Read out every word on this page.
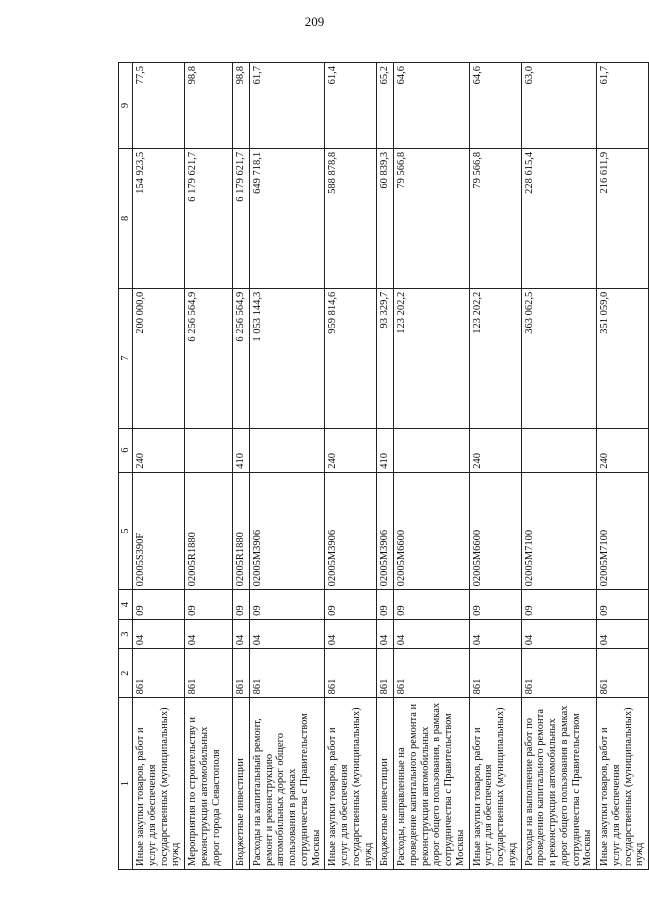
209
1	2	3	4	5	6	7	8	9
Иные закупки товаров, работ и услуг для обеспечения государственных (муниципальных) нужд	861	04	09	02005S390F	240	200 000,0	154 923,5	77,5
Мероприятия по строительству и реконструкции автомобильных дорог города Севастополя	861	04	09	02005R1880		6 256 564,9	6 179 621,7	98,8
Бюджетные инвестиции	861	04	09	02005R1880	410	6 256 564,9	6 179 621,7	98,8
Расходы на капитальный ремонт, ремонт и реконструкцию автомобильных дорог общего пользования в рамках сотрудничества с Правительством Москвы	861	04	09	02005M3906		1 053 144,3	649 718,1	61,7
Иные закупки товаров, работ и услуг для обеспечения государственных (муниципальных) нужд	861	04	09	02005M3906	240	959 814,6	588 878,8	61,4
Бюджетные инвестиции	861	04	09	02005M3906	410	93 329,7	60 839,3	65,2
Расходы, направленные на проведение капитального ремонта и реконструкции автомобильных дорог общего пользования, в рамках сотрудничества с Правительством Москвы	861	04	09	02005M6600		123 202,2	79 566,8	64,6
Иные закупки товаров, работ и услуг для обеспечения государственных (муниципальных) нужд	861	04	09	02005M6600	240	123 202,2	79 566,8	64,6
Расходы на выполнение работ по проведению капитального ремонта и реконструкции автомобильных дорог общего пользования в рамках сотрудничества с Правительством Москвы	861	04	09	02005M7100		363 062,5	228 615,4	63,0
Иные закупки товаров, работ и услуг для обеспечения государственных (муниципальных) нужд	861	04	09	02005M7100	240	351 059,0	216 611,9	61,7
